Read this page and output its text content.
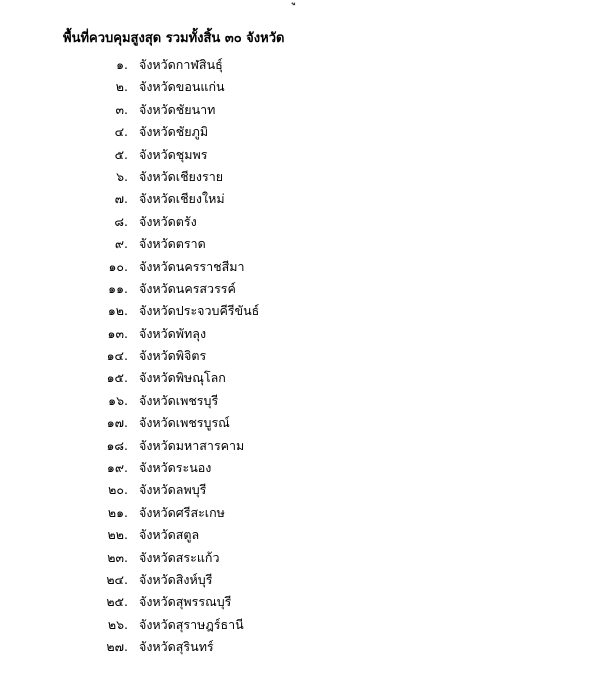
พื้นที่ควบคุมสูงสุด รวมทั้งสิ้น ๓๐ จังหวัด
๑. จังหวัดกาฬสินธุ์
๒. จังหวัดขอนแก่น
๓. จังหวัดชัยนาท
๔. จังหวัดชัยภูมิ
๕. จังหวัดชุมพร
๖. จังหวัดเชียงราย
๗. จังหวัดเชียงใหม่
๘. จังหวัดตรัง
๙. จังหวัดตราด
๑๐. จังหวัดนครราชสีมา
๑๑. จังหวัดนครสวรรค์
๑๒. จังหวัดประจวบคีรีขันธ์
๑๓. จังหวัดพัทลุง
๑๔. จังหวัดพิจิตร
๑๕. จังหวัดพิษณุโลก
๑๖. จังหวัดเพชรบุรี
๑๗. จังหวัดเพชรบูรณ์
๑๘. จังหวัดมหาสารคาม
๑๙. จังหวัดระนอง
๒๐. จังหวัดลพบุรี
๒๑. จังหวัดศรีสะเกษ
๒๒. จังหวัดสตูล
๒๓. จังหวัดสระแก้ว
๒๔. จังหวัดสิงห์บุรี
๒๕. จังหวัดสุพรรณบุรี
๒๖. จังหวัดสุราษฎร์ธานี
๒๗. จังหวัดสุรินทร์
